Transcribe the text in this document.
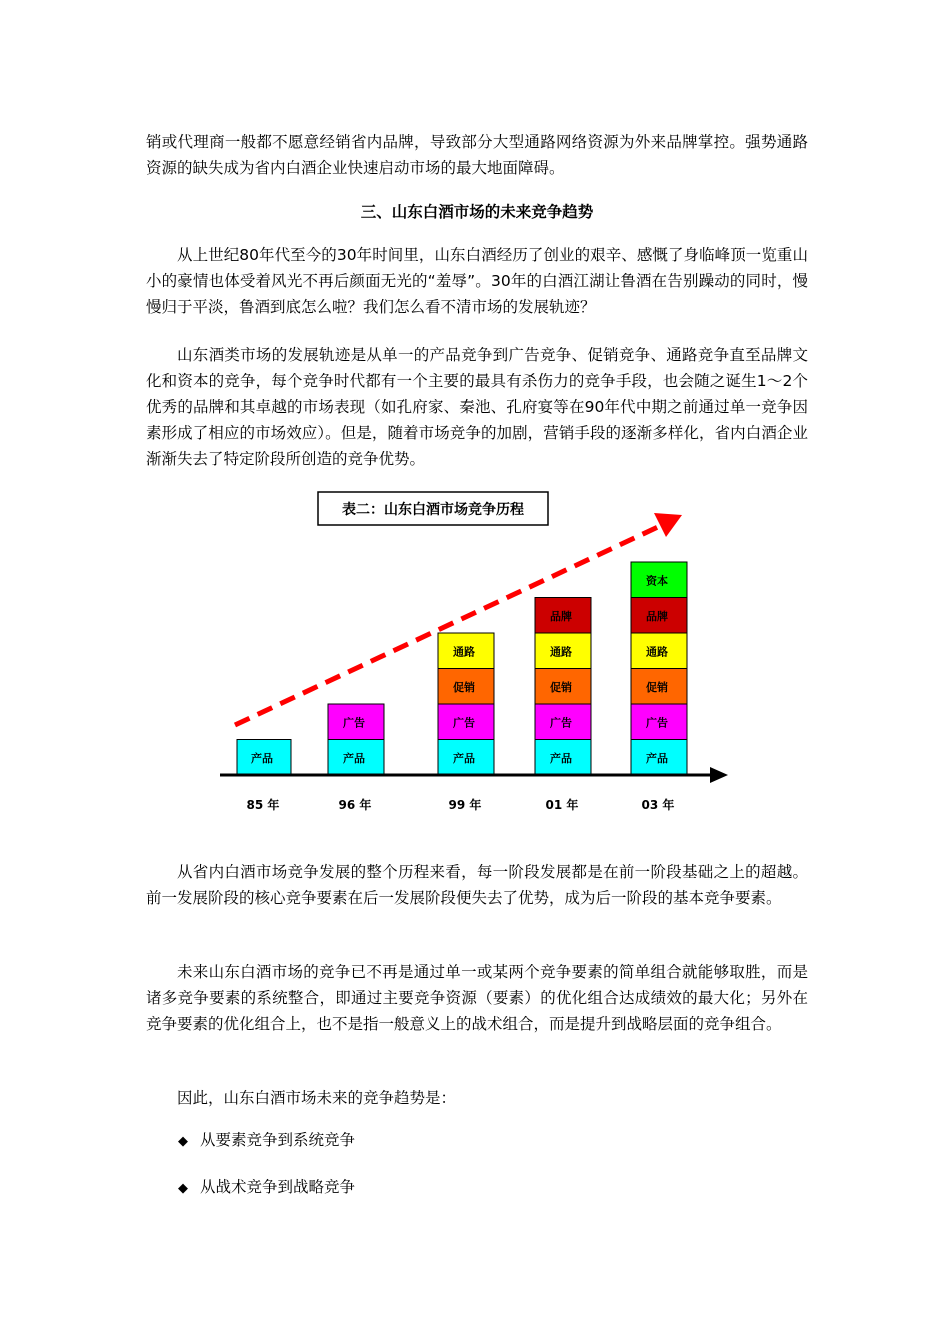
销或代理商一般都不愿意经销省内品牌，导致部分大型通路网络资源为外来品牌掌控。强势通路资源的缺失成为省内白酒企业快速启动市场的最大地面障碍。

三、山东白酒市场的未来竞争趋势

从上世纪80年代至今的30年时间里，山东白酒经历了创业的艰辛、感慨了身临峰顶一览重山小的豪情也体受着风光不再后颜面无光的“羞辱”。30年的白酒江湖让鲁酒在告别躁动的同时，慢慢归于平淡，鲁酒到底怎么啦？我们怎么看不清市场的发展轨迹？

山东酒类市场的发展轨迹是从单一的产品竞争到广告竞争、促销竞争、通路竞争直至品牌文化和资本的竞争，每个竞争时代都有一个主要的最具有杀伤力的竞争手段，也会随之诞生1～2个优秀的品牌和其卓越的市场表现（如孔府家、秦池、孔府宴等在90年代中期之前通过单一竞争因素形成了相应的市场效应）。但是，随着市场竞争的加剧，营销手段的逐渐多样化，省内白酒企业渐渐失去了特定阶段所创造的竞争优势。

表二：山东白酒市场竞争历程
产品	产品
广告
产品
广告
促销
通路
产品
广告
促销
通路
品牌
产品
广告
促销
通路
品牌
资本
85 年	96 年	99 年	01 年	03 年

从省内白酒市场竞争发展的整个历程来看，每一阶段发展都是在前一阶段基础之上的超越。前一发展阶段的核心竞争要素在后一发展阶段便失去了优势，成为后一阶段的基本竞争要素。

未来山东白酒市场的竞争已不再是通过单一或某两个竞争要素的简单组合就能够取胜，而是诸多竞争要素的系统整合，即通过主要竞争资源（要素）的优化组合达成绩效的最大化；另外在竞争要素的优化组合上，也不是指一般意义上的战术组合，而是提升到战略层面的竞争组合。

因此，山东白酒市场未来的竞争趋势是：

◆ 从要素竞争到系统竞争
◆ 从战术竞争到战略竞争
